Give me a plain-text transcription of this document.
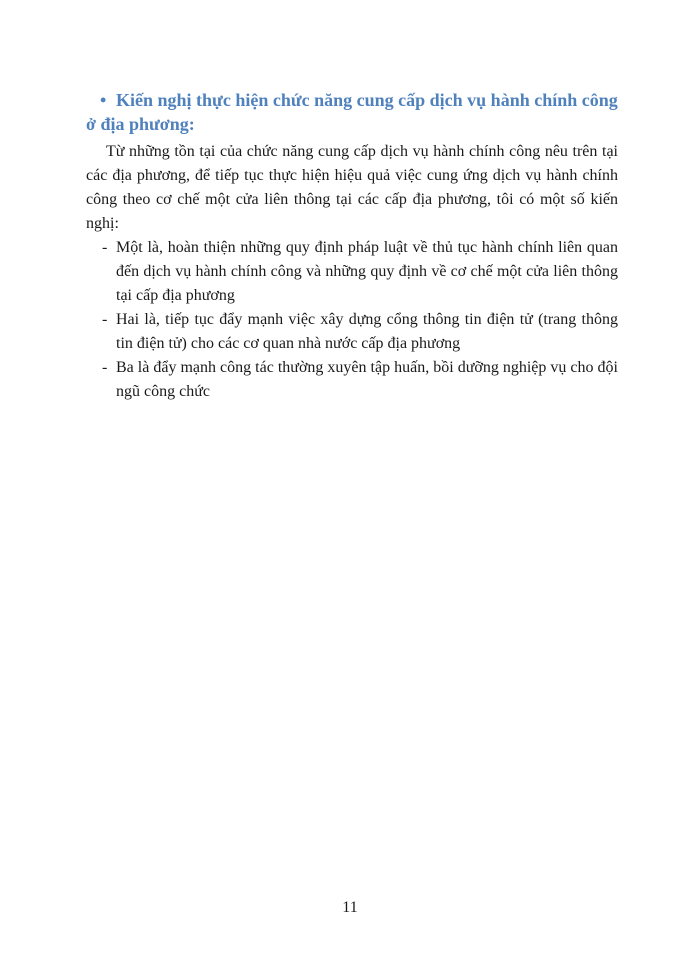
• Kiến nghị thực hiện chức năng cung cấp dịch vụ hành chính công ở địa phương:

Từ những tồn tại của chức năng cung cấp dịch vụ hành chính công nêu trên tại các địa phương, để tiếp tục thực hiện hiệu quả việc cung ứng dịch vụ hành chính công theo cơ chế một cửa liên thông tại các cấp địa phương, tôi có một số kiến nghị:

- Một là, hoàn thiện những quy định pháp luật về thủ tục hành chính liên quan đến dịch vụ hành chính công và những quy định về cơ chế một cửa liên thông tại cấp địa phương
- Hai là, tiếp tục đẩy mạnh việc xây dựng cổng thông tin điện tử (trang thông tin điện tử) cho các cơ quan nhà nước cấp địa phương
- Ba là đẩy mạnh công tác thường xuyên tập huấn, bồi dưỡng nghiệp vụ cho đội ngũ công chức
11
